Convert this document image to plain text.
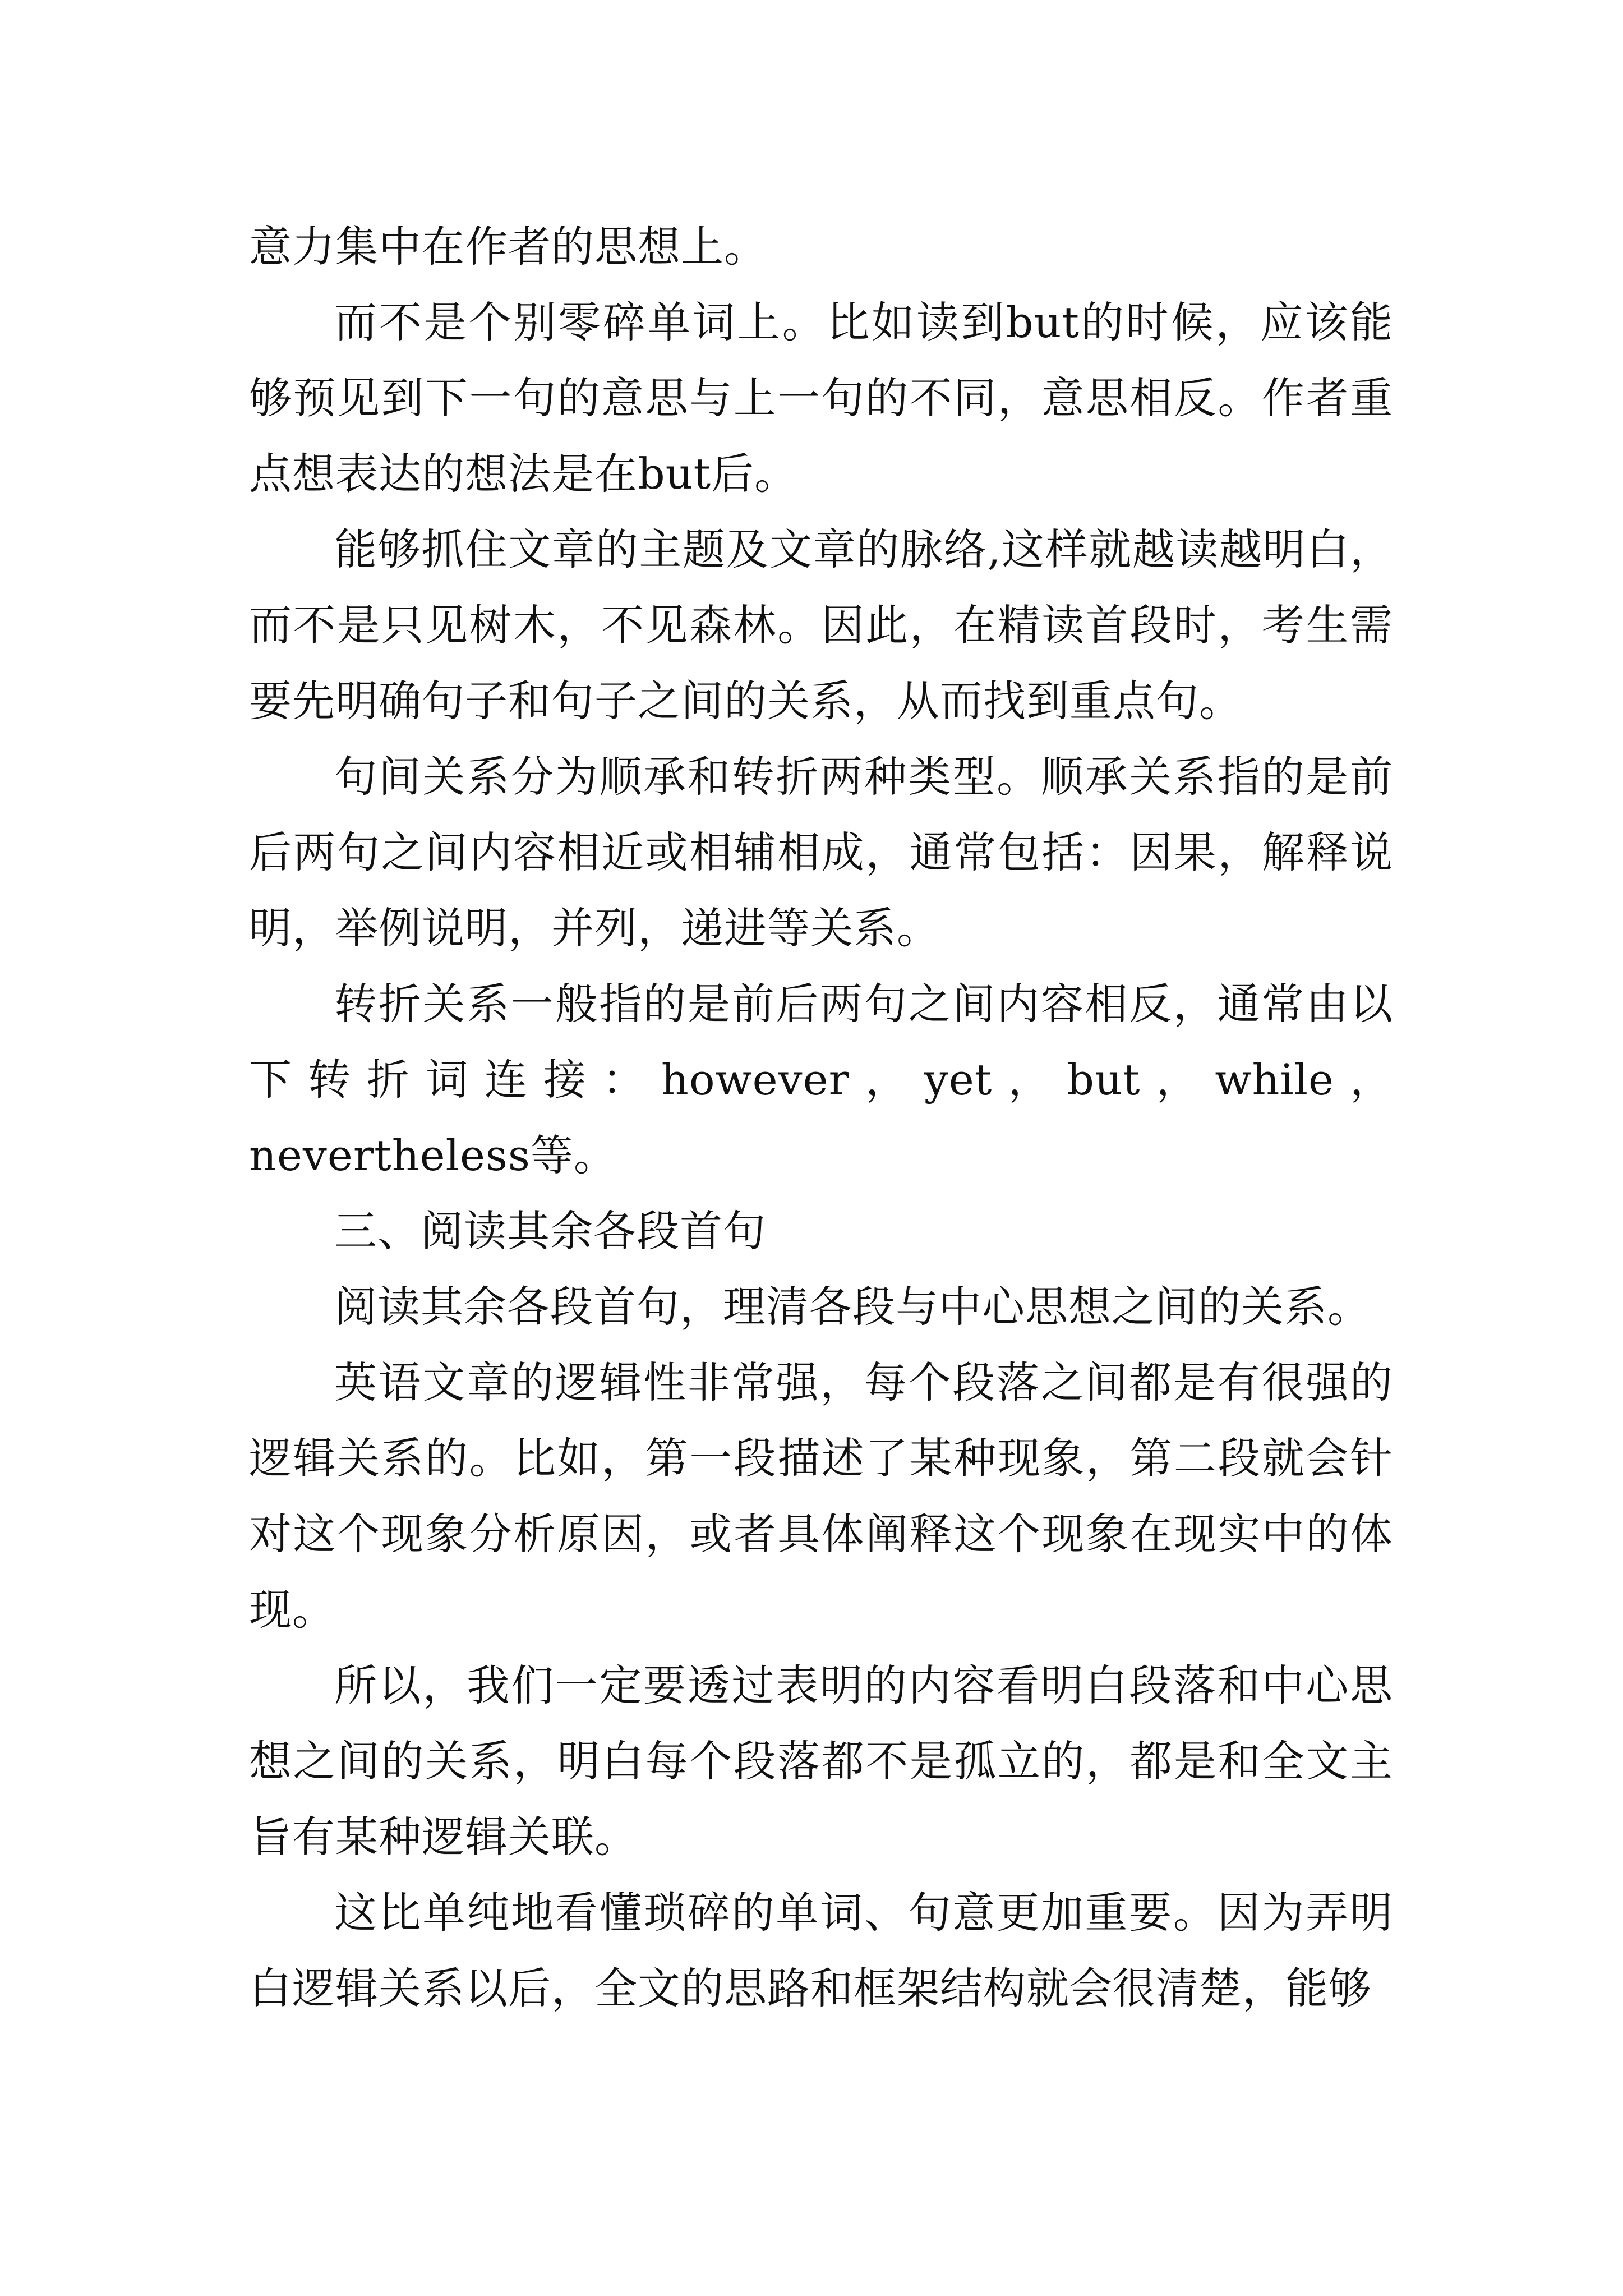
意力集中在作者的思想上。

而不是个别零碎单词上。比如读到but的时候，应该能够预见到下一句的意思与上一句的不同，意思相反。作者重点想表达的想法是在but后。

能够抓住文章的主题及文章的脉络,这样就越读越明白，而不是只见树木，不见森林。因此，在精读首段时，考生需要先明确句子和句子之间的关系，从而找到重点句。

句间关系分为顺承和转折两种类型。顺承关系指的是前后两句之间内容相近或相辅相成，通常包括：因果，解释说明，举例说明，并列，递进等关系。

转折关系一般指的是前后两句之间内容相反，通常由以下转折词连接：however，yet，but，while，nevertheless等。

三、阅读其余各段首句

阅读其余各段首句，理清各段与中心思想之间的关系。

英语文章的逻辑性非常强，每个段落之间都是有很强的逻辑关系的。比如，第一段描述了某种现象，第二段就会针对这个现象分析原因，或者具体阐释这个现象在现实中的体现。

所以，我们一定要透过表明的内容看明白段落和中心思想之间的关系，明白每个段落都不是孤立的，都是和全文主旨有某种逻辑关联。

这比单纯地看懂琐碎的单词、句意更加重要。因为弄明白逻辑关系以后，全文的思路和框架结构就会很清楚，能够
